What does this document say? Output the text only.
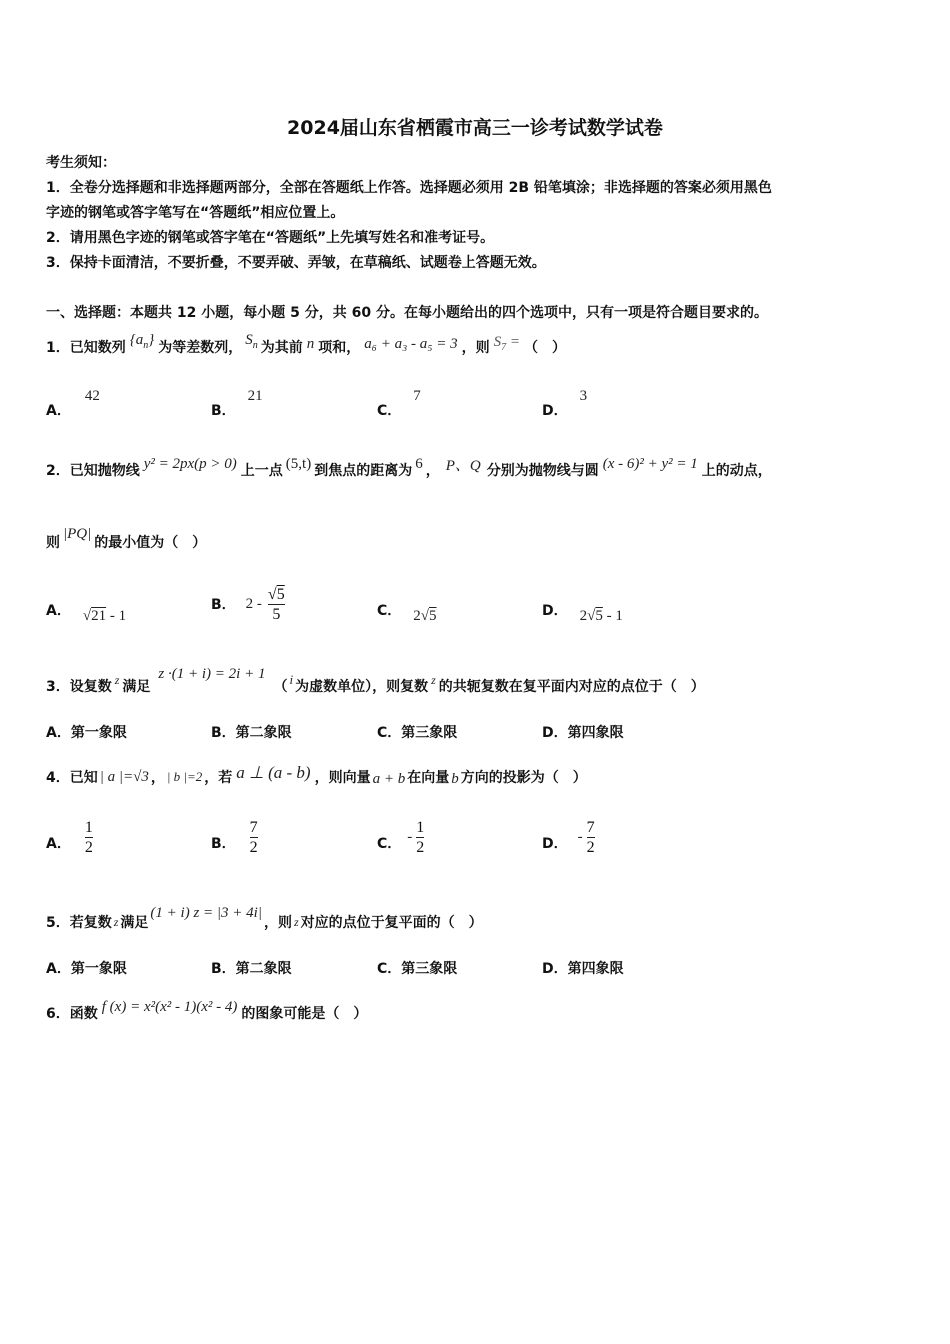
2024届山东省栖霞市高三一诊考试数学试卷
考生须知：
1．全卷分选择题和非选择题两部分，全部在答题纸上作答。选择题必须用 2B 铅笔填涂；非选择题的答案必须用黑色
字迹的钢笔或答字笔写在“答题纸”相应位置上。
2．请用黑色字迹的钢笔或答字笔在“答题纸”上先填写姓名和准考证号。
3．保持卡面清洁，不要折叠，不要弄破、弄皱，在草稿纸、试题卷上答题无效。
一、选择题：本题共 12 小题，每小题 5 分，共 60 分。在每小题给出的四个选项中，只有一项是符合题目要求的。
1．已知数列
$\{a_n\}$
为等差数列，
$S_n$ 为其前 n 项和， a₆ + a₃ - a₅ = 3 ，则 $S_7$ = （　）
A．42
B．21
C．7
D．3
2．已知抛物线 y² = 2px(p > 0) 上一点 (5,t) 到焦点的距离为 6 ， P、Q 分别为抛物线与圆 (x - 6)² + y² = 1 上的动点，
则
|PQ|
的最小值为（　）
A． √21 - 1
B． $2 - \frac{√5}{5}$	C． 2√5	D． 2√5 - 1
3．设复数 z 满足
z ·(1 + i) = 2i + 1
（ i 为虚数单位），则复数 z 的共轭复数在复平面内对应的点位于（　）
A．第一象限	B．第二象限	C．第三象限	D．第四象限
4．已知 | a |=√3 ， | b |=2 ，若 a ⊥ (a - b) ，则向量 a + b 在向量 b 方向的投影为（　）
A． $\frac{1}{2}$	B． $\frac{7}{2}$	C． - $\frac{1}{2}$	D． - $\frac{7}{2}$
5．若复数 z 满足
(1 + i) z = |3 + 4i|
，则 z 对应的点位于复平面的（　）
A．第一象限	B．第二象限	C．第三象限	D．第四象限
6．函数 f (x) = x²(x² - 1)(x² - 4) 的图象可能是（　）
